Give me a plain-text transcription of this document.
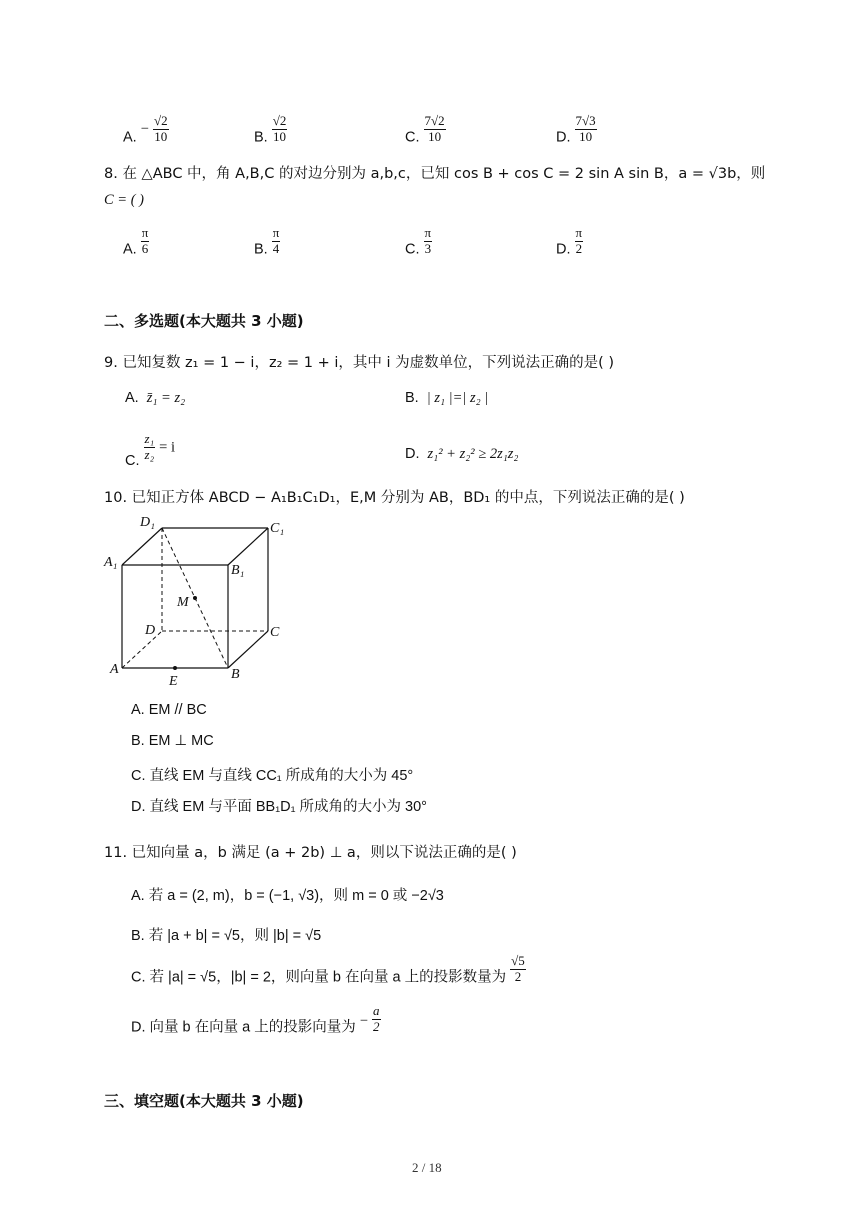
A. − $\frac{√2}{10}$	B. $\frac{√2}{10}$	C. $\frac{7√2}{10}$	D. $\frac{7√3}{10}$
8. 在 △ABC 中，角 A,B,C 的对边分别为 a,b,c，已知 cos B + cos C = 2 sin A sin B，a = √3b，则
C = ( )
A. $\frac{\pi}{6}$	B. $\frac{\pi}{4}$	C. $\frac{\pi}{3}$	D. $\frac{\pi}{2}$
二、多选题(本大题共 3 小题)
9. 已知复数 z₁ = 1 − i，z₂ = 1 + i，其中 i 为虚数单位，下列说法正确的是( )
A. z̄₁ = z₂	B. | z₁ |=| z₂ |
C. $\frac{\text{z₁}}{\text{z₂}} = i$	D. z₁² + z₂² ≥ 2z₁z₂
10. 已知正方体 ABCD − A₁B₁C₁D₁，E,M 分别为 AB，BD₁ 的中点，下列说法正确的是( )
D₁	C₁
A₁
B₁
M
D	C
A	B
E
A. EM // BC
B. EM ⊥ MC
C. 直线 EM 与直线 CC₁ 所成角的大小为 45°
D. 直线 EM 与平面 BB₁D₁ 所成角的大小为 30°
11. 已知向量 a，b 满足 (a + 2b) ⊥ a，则以下说法正确的是( )
A. 若 a = (2, m)，b = (−1, √3)，则 m = 0 或 −2√3
B. 若 |a + b| = √5，则 |b| = √5
C. 若 |a| = √5，|b| = 2，则向量 b 在向量 a 上的投影数量为 $\frac{√5}{2}$
D. 向量 b 在向量 a 上的投影向量为 − $\frac{a}{2}$
三、填空题(本大题共 3 小题)
2 / 18
